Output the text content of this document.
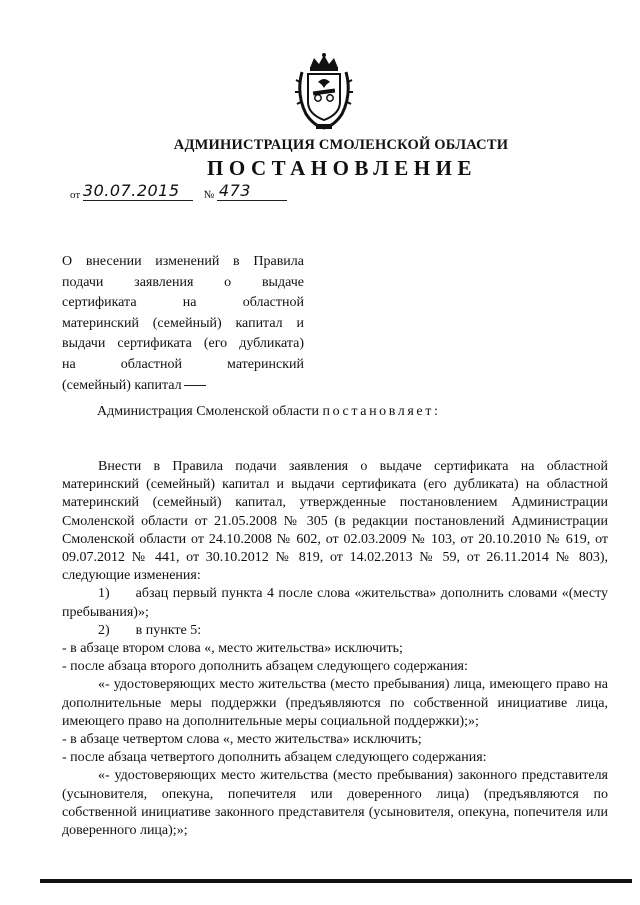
АДМИНИСТРАЦИЯ СМОЛЕНСКОЙ ОБЛАСТИ
ПОСТАНОВЛЕНИЕ
от 30.07.2015 № 473
О внесении изменений в Правила
подачи заявления о выдаче
сертификата на областной
материнский (семейный) капитал и
выдачи сертификата (его дубликата)
на областной материнский
(семейный) капитал
Администрация Смоленской области постановляет:

Внести в Правила подачи заявления о выдаче сертификата на областной материнский (семейный) капитал и выдачи сертификата (его дубликата) на областной материнский (семейный) капитал, утвержденные постановлением Администрации Смоленской области от 21.05.2008 № 305 (в редакции постановлений Администрации Смоленской области от 24.10.2008 № 602, от 02.03.2009 № 103, от 20.10.2010 № 619, от 09.07.2012 № 441, от 30.10.2012 № 819, от 14.02.2013 № 59, от 26.11.2014 № 803), следующие изменения:

1) абзац первый пункта 4 после слова «жительства» дополнить словами «(месту пребывания)»;

2) в пункте 5:

- в абзаце втором слова «, место жительства» исключить;

- после абзаца второго дополнить абзацем следующего содержания:

«- удостоверяющих место жительства (место пребывания) лица, имеющего право на дополнительные меры поддержки (предъявляются по собственной инициативе лица, имеющего право на дополнительные меры социальной поддержки);»;

- в абзаце четвертом слова «, место жительства» исключить;

- после абзаца четвертого дополнить абзацем следующего содержания:

«- удостоверяющих место жительства (место пребывания) законного представителя (усыновителя, опекуна, попечителя или доверенного лица) (предъявляются по собственной инициативе законного представителя (усыновителя, опекуна, попечителя или доверенного лица);»;
